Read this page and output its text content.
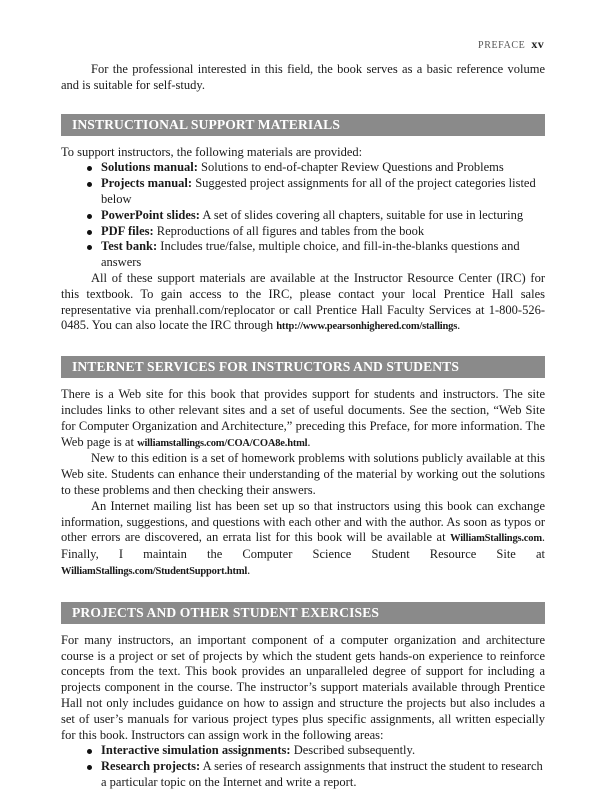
PREFACE xv

For the professional interested in this field, the book serves as a basic reference volume and is suitable for self-study.

INSTRUCTIONAL SUPPORT MATERIALS

To support instructors, the following materials are provided:

Solutions manual: Solutions to end-of-chapter Review Questions and Problems
Projects manual: Suggested project assignments for all of the project categories listed below
PowerPoint slides: A set of slides covering all chapters, suitable for use in lecturing
PDF files: Reproductions of all figures and tables from the book
Test bank: Includes true/false, multiple choice, and fill-in-the-blanks questions and answers

All of these support materials are available at the Instructor Resource Center (IRC) for this textbook. To gain access to the IRC, please contact your local Prentice Hall sales representative via prenhall.com/replocator or call Prentice Hall Faculty Services at 1-800-526-0485. You can also locate the IRC through http://www.pearsonhighered.com/stallings.

INTERNET SERVICES FOR INSTRUCTORS AND STUDENTS

There is a Web site for this book that provides support for students and instructors. The site includes links to other relevant sites and a set of useful documents. See the section, “Web Site for Computer Organization and Architecture,” preceding this Preface, for more information. The Web page is at williamstallings.com/COA/COA8e.html.

New to this edition is a set of homework problems with solutions publicly available at this Web site. Students can enhance their understanding of the material by working out the solutions to these problems and then checking their answers.

An Internet mailing list has been set up so that instructors using this book can exchange information, suggestions, and questions with each other and with the author. As soon as typos or other errors are discovered, an errata list for this book will be available at WilliamStallings.com. Finally, I maintain the Computer Science Student Resource Site at WilliamStallings.com/StudentSupport.html.

PROJECTS AND OTHER STUDENT EXERCISES

For many instructors, an important component of a computer organization and architecture course is a project or set of projects by which the student gets hands-on experience to reinforce concepts from the text. This book provides an unparalleled degree of support for including a projects component in the course. The instructor’s support materials available through Prentice Hall not only includes guidance on how to assign and structure the projects but also includes a set of user’s manuals for various project types plus specific assignments, all written especially for this book. Instructors can assign work in the following areas:

Interactive simulation assignments: Described subsequently.
Research projects: A series of research assignments that instruct the student to research a particular topic on the Internet and write a report.
